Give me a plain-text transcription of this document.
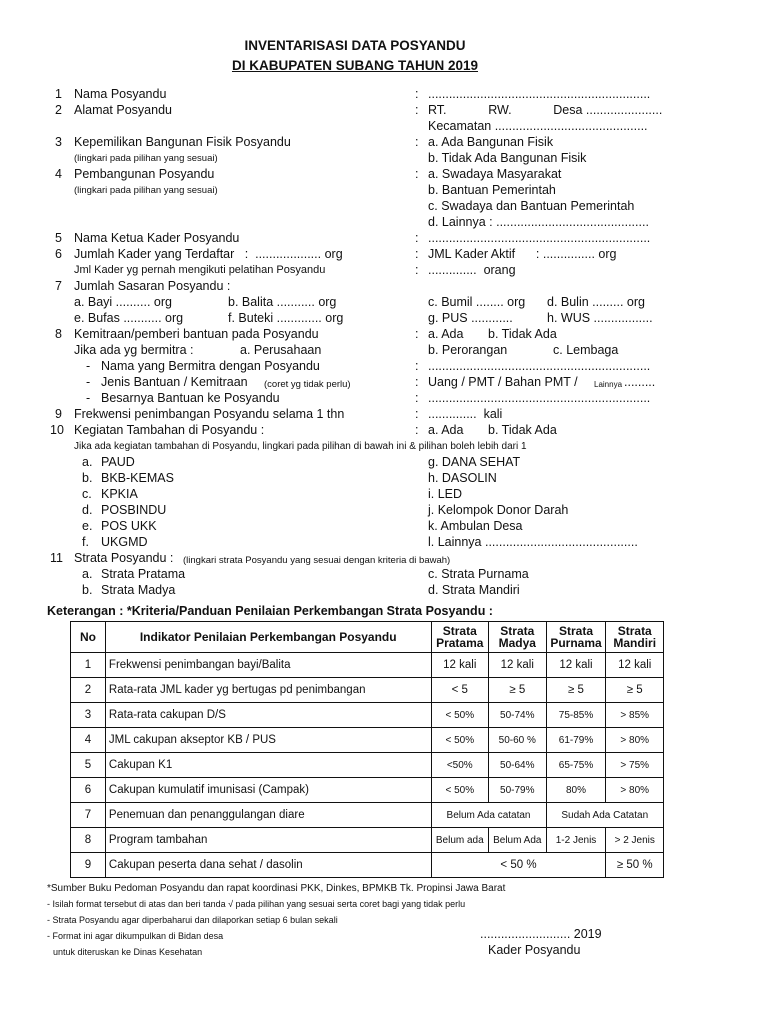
INVENTARISASI DATA POSYANDU
DI KABUPATEN SUBANG TAHUN 2019
1 Nama Posyandu	: ................................................................
2 Alamat Posyandu	: RT.            RW.            Desa ......................
Kecamatan ............................................
3 Kepemilikan Bangunan Fisik Posyandu
(lingkari pada pilihan yang sesuai)
: a. Ada Bangunan Fisik
b. Tidak Ada Bangunan Fisik
4 Pembangunan Posyandu
(lingkari pada pilihan yang sesuai)
: a. Swadaya Masyarakat
b. Bantuan Pemerintah
c. Swadaya dan Bantuan Pemerintah
d. Lainnya : ............................................
5 Nama Ketua Kader Posyandu	: ................................................................
6 Jumlah Kader yang Terdaftar   :  ................... org	: JML Kader Aktif      : ............... org
Jml Kader yg pernah mengikuti pelatihan Posyandu	: ..............  orang
7 Jumlah Sasaran Posyandu :
a. Bayi .......... org	b. Balita ........... org	c. Bumil ........ org d. Bulin ......... org
e. Bufas ........... org	f. Buteki ............. org	g. PUS ............	h. WUS .................
8 Kemitraan/pemberi bantuan pada Posyandu	: a. Ada b. Tidak Ada
Jika ada yg bermitra :	a. Perusahaan	b. Perorangan	c. Lembaga
- Nama yang Bermitra dengan Posyandu	: ................................................................
- Jenis Bantuan / Kemitraan (coret yg tidak perlu)	: Uang / PMT / Bahan PMT / Lainnya .........
- Besarnya Bantuan ke Posyandu	: ................................................................
9 Frekwensi penimbangan Posyandu selama 1 thn	: ..............  kali
10 Kegiatan Tambahan di Posyandu :	: a. Ada b. Tidak Ada
Jika ada kegiatan tambahan di Posyandu, lingkari pada pilihan di bawah ini & pilihan boleh lebih dari 1
a. PAUD
b. BKB-KEMAS
c. KPKIA
d. POSBINDU
e. POS UKK
f. UKGMD
g. DANA SEHAT
h. DASOLIN
i. LED
j. Kelompok Donor Darah
k. Ambulan Desa
l. Lainnya ............................................
11 Strata Posyandu : (lingkari strata Posyandu yang sesuai dengan kriteria di bawah)
a. Strata Pratama
b. Strata Madya
c. Strata Purnama
d. Strata Mandiri
Keterangan : *Kriteria/Panduan Penilaian Perkembangan Strata Posyandu :
No	Indikator Penilaian Perkembangan Posyandu	Strata Pratama	Strata Madya	Strata Purnama	Strata Mandiri
1	Frekwensi penimbangan bayi/Balita	12 kali	12 kali	12 kali	12 kali
2	Rata-rata JML kader yg bertugas pd penimbangan	< 5	≥ 5	≥ 5	≥ 5
3	Rata-rata cakupan D/S	< 50%	50-74%	75-85%	> 85%
4	JML cakupan akseptor KB / PUS	< 50%	50-60 %	61-79%	> 80%
5	Cakupan K1	<50%	50-64%	65-75%	> 75%
6	Cakupan kumulatif imunisasi (Campak)	< 50%	50-79%	80%	> 80%
7	Penemuan dan penanggulangan diare	Belum Ada catatan		Sudah Ada Catatan	
8	Program tambahan	Belum ada	Belum Ada	1-2 Jenis	> 2 Jenis
9	Cakupan peserta dana sehat / dasolin	< 50 %			≥ 50 %
*Sumber Buku Pedoman Posyandu dan rapat koordinasi PKK, Dinkes, BPMKB Tk. Propinsi Jawa Barat
- Isilah format tersebut di atas dan beri tanda √ pada pilihan yang sesuai serta coret bagi yang tidak perlu
- Strata Posyandu agar diperbaharui dan dilaporkan setiap 6 bulan sekali
- Format ini agar dikumpulkan di Bidan desa
untuk diteruskan ke Dinas Kesehatan
.......................... 2019
Kader Posyandu
